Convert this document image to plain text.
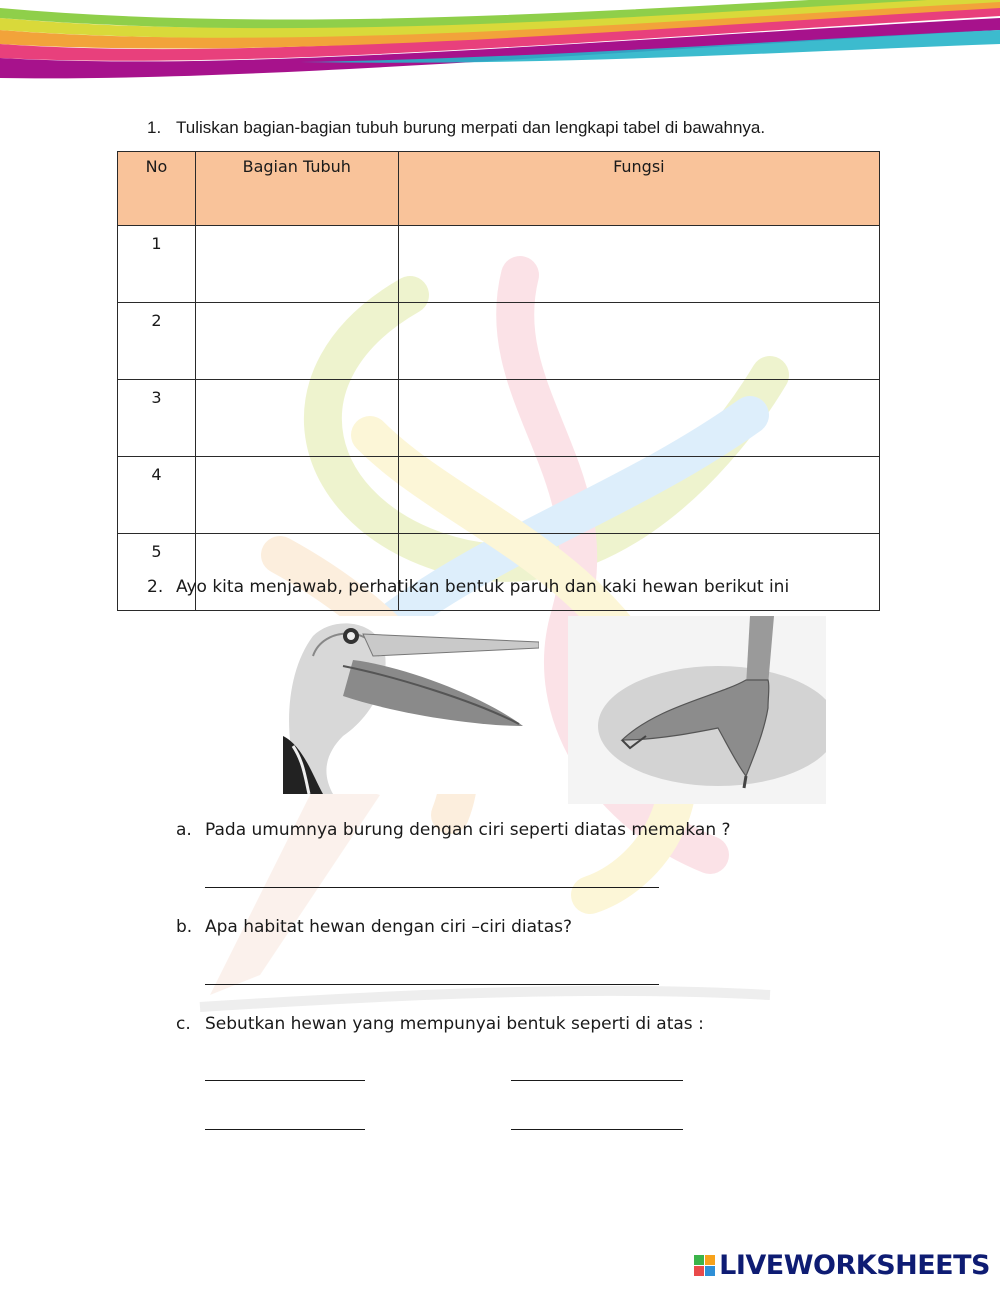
1. Tuliskan bagian-bagian tubuh burung merpati dan lengkapi tabel di bawahnya.
No	Bagian Tubuh	Fungsi
1		
2		
3		
4		
5		
2. Ayo kita menjawab, perhatikan bentuk paruh dan kaki hewan berikut ini
a. Pada umumnya burung dengan ciri seperti diatas memakan ?
b. Apa habitat hewan dengan ciri –ciri diatas?
c. Sebutkan hewan yang mempunyai bentuk seperti di atas :
LIVEWORKSHEETS
